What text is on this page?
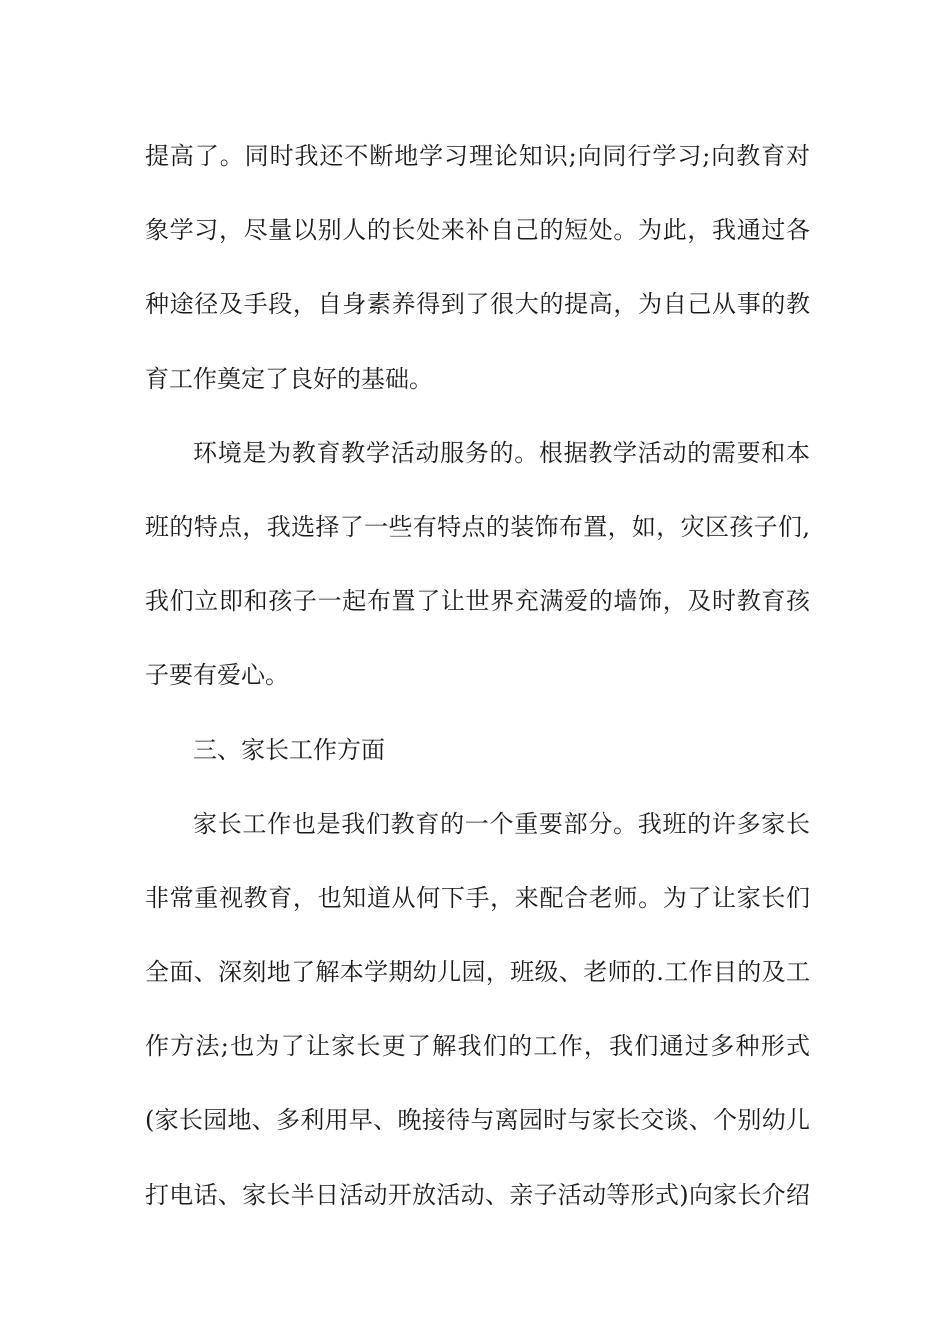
提高了。同时我还不断地学习理论知识;向同行学习;向教育对
象学习，尽量以别人的长处来补自己的短处。为此，我通过各
种途径及手段，自身素养得到了很大的提高，为自己从事的教
育工作奠定了良好的基础。
环境是为教育教学活动服务的。根据教学活动的需要和本
班的特点，我选择了一些有特点的装饰布置，如，灾区孩子们,
我们立即和孩子一起布置了让世界充满爱的墙饰，及时教育孩
子要有爱心。
三、家长工作方面
家长工作也是我们教育的一个重要部分。我班的许多家长
非常重视教育，也知道从何下手，来配合老师。为了让家长们
全面、深刻地了解本学期幼儿园，班级、老师的.工作目的及工
作方法;也为了让家长更了解我们的工作，我们通过多种形式
(家长园地、多利用早、晚接待与离园时与家长交谈、个别幼儿
打电话、家长半日活动开放活动、亲子活动等形式)向家长介绍
